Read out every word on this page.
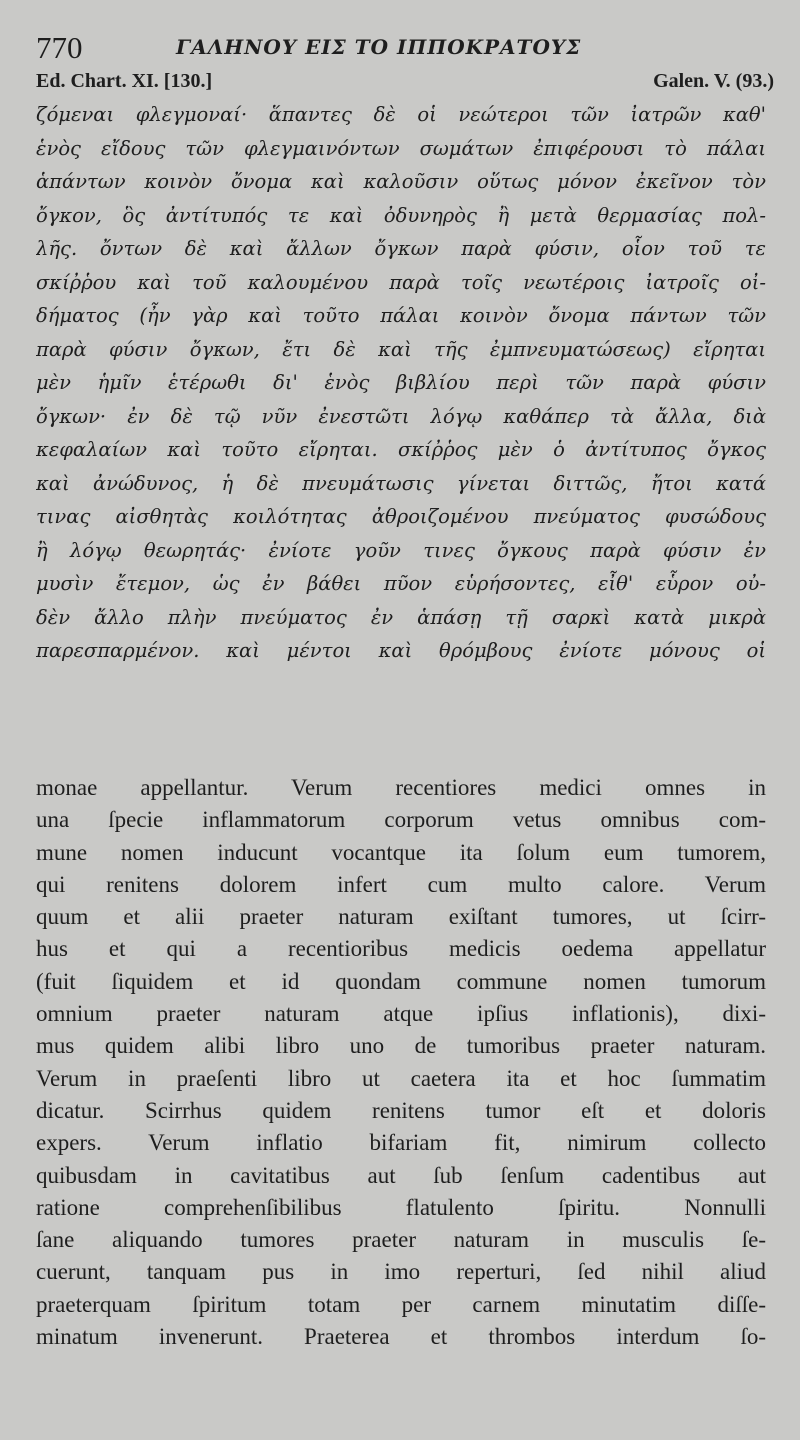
770	ΓΑΛΗΝΟΥ ΕΙΣ ΤΟ ΙΠΠΟΚΡΑΤΟΥΣ
Ed. Chart. XI. [130.]	Galen. V. (93.)
ζόμεναι φλεγμοναί· ἅπαντες δὲ οἱ νεώτεροι τῶν ἰατρῶν καθ'
ἑνὸς εἴδους τῶν φλεγμαινόντων σωμάτων ἐπιφέρουσι τὸ πάλαι
ἁπάντων κοινὸν ὄνομα καὶ καλοῦσιν οὕτως μόνον ἐκεῖνον τὸν
ὄγκον, ὃς ἀντίτυπός τε καὶ ὀδυνηρὸς ἢ μετὰ θερμασίας πολ-
λῆς. ὄντων δὲ καὶ ἄλλων ὄγκων παρὰ φύσιν, οἷον τοῦ τε
σκίῤῥου καὶ τοῦ καλουμένου παρὰ τοῖς νεωτέροις ἰατροῖς οἰ-
δήματος (ἦν γὰρ καὶ τοῦτο πάλαι κοινὸν ὄνομα πάντων τῶν
παρὰ φύσιν ὄγκων, ἔτι δὲ καὶ τῆς ἐμπνευματώσεως) εἴρηται
μὲν ἡμῖν ἑτέρωθι δι' ἑνὸς βιβλίου περὶ τῶν παρὰ φύσιν
ὄγκων· ἐν δὲ τῷ νῦν ἐνεστῶτι λόγῳ καθάπερ τὰ ἄλλα, διὰ
κεφαλαίων καὶ τοῦτο εἴρηται. σκίῤῥος μὲν ὁ ἀντίτυπος ὄγκος
καὶ ἀνώδυνος, ἡ δὲ πνευμάτωσις γίνεται διττῶς, ἤτοι κατά
τινας αἰσθητὰς κοιλότητας ἀθροιζομένου πνεύματος φυσώδους
ἢ λόγῳ θεωρητάς· ἐνίοτε γοῦν τινες ὄγκους παρὰ φύσιν ἐν
μυσὶν ἔτεμον, ὡς ἐν βάθει πῦον εὑρήσοντες, εἶθ' εὗρον οὐ-
δὲν ἄλλο πλὴν πνεύματος ἐν ἁπάσῃ τῇ σαρκὶ κατὰ μικρὰ
παρεσπαρμένον. καὶ μέντοι καὶ θρόμβους ἐνίοτε μόνους οἱ
monae appellantur. Verum recentiores medici omnes in
una ſpecie inflammatorum corporum vetus omnibus com-
mune nomen inducunt vocantque ita ſolum eum tumorem,
qui renitens dolorem infert cum multo calore. Verum
quum et alii praeter naturam exiſtant tumores, ut ſcirr-
hus et qui a recentioribus medicis oedema appellatur
(fuit ſiquidem et id quondam commune nomen tumorum
omnium praeter naturam atque ipſius inflationis), dixi-
mus quidem alibi libro uno de tumoribus praeter naturam.
Verum in praeſenti libro ut caetera ita et hoc ſummatim
dicatur. Scirrhus quidem renitens tumor eſt et doloris
expers. Verum inflatio bifariam fit, nimirum collecto
quibusdam in cavitatibus aut ſub ſenſum cadentibus aut
ratione comprehenſibilibus flatulento ſpiritu. Nonnulli
ſane aliquando tumores praeter naturam in musculis ſe-
cuerunt, tanquam pus in imo reperturi, ſed nihil aliud
praeterquam ſpiritum totam per carnem minutatim diſſe-
minatum invenerunt. Praeterea et thrombos interdum ſo-
